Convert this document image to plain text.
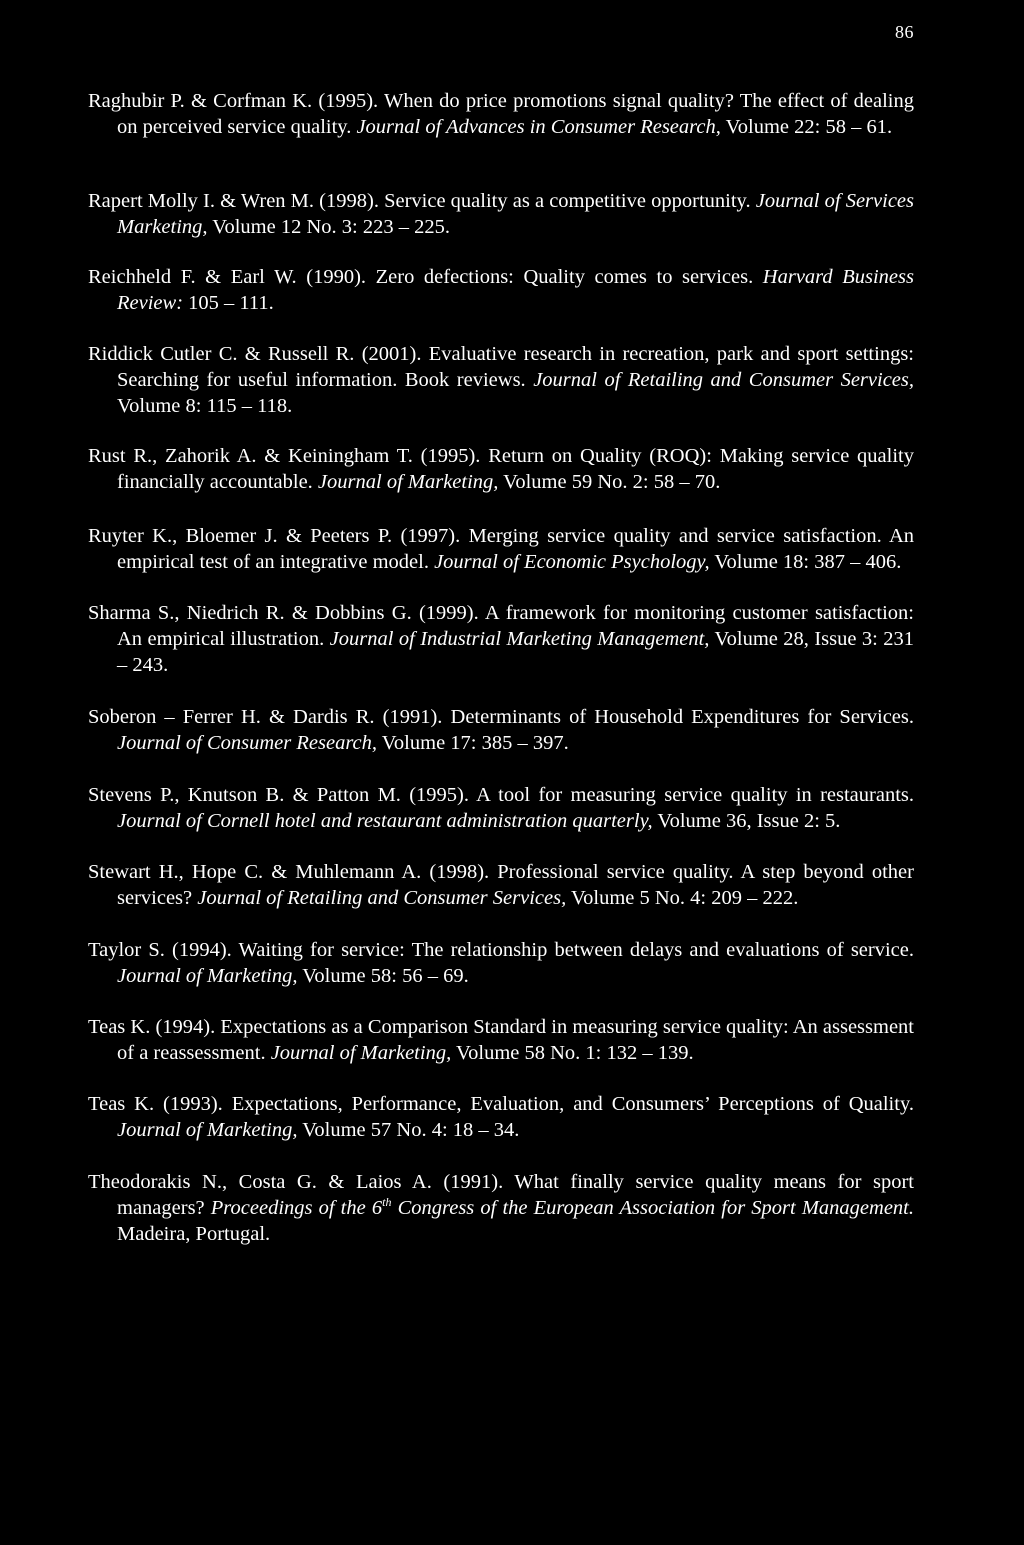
86

Raghubir P. & Corfman K. (1995). When do price promotions signal quality? The effect of dealing on perceived service quality. Journal of Advances in Consumer Research, Volume 22: 58 – 61.

Rapert Molly I. & Wren M. (1998). Service quality as a competitive opportunity. Journal of Services Marketing, Volume 12 No. 3: 223 – 225.

Reichheld F. & Earl W. (1990). Zero defections: Quality comes to services. Harvard Business Review: 105 – 111.

Riddick Cutler C. & Russell R. (2001). Evaluative research in recreation, park and sport settings: Searching for useful information. Book reviews. Journal of Retailing and Consumer Services, Volume 8: 115 – 118.

Rust R., Zahorik A. & Keiningham T. (1995). Return on Quality (ROQ): Making service quality financially accountable. Journal of Marketing, Volume 59 No. 2: 58 – 70.

Ruyter K., Bloemer J. & Peeters P. (1997). Merging service quality and service satisfaction. An empirical test of an integrative model. Journal of Economic Psychology, Volume 18: 387 – 406.

Sharma S., Niedrich R. & Dobbins G. (1999). A framework for monitoring customer satisfaction: An empirical illustration. Journal of Industrial Marketing Management, Volume 28, Issue 3: 231 – 243.

Soberon – Ferrer H. & Dardis R. (1991). Determinants of Household Expenditures for Services. Journal of Consumer Research, Volume 17: 385 – 397.

Stevens P., Knutson B. & Patton M. (1995). A tool for measuring service quality in restaurants. Journal of Cornell hotel and restaurant administration quarterly, Volume 36, Issue 2: 5.

Stewart H., Hope C. & Muhlemann A. (1998). Professional service quality. A step beyond other services? Journal of Retailing and Consumer Services, Volume 5 No. 4: 209 – 222.

Taylor S. (1994). Waiting for service: The relationship between delays and evaluations of service. Journal of Marketing, Volume 58: 56 – 69.

Teas K. (1994). Expectations as a Comparison Standard in measuring service quality: An assessment of a reassessment. Journal of Marketing, Volume 58 No. 1: 132 – 139.

Teas K. (1993). Expectations, Performance, Evaluation, and Consumers’ Perceptions of Quality. Journal of Marketing, Volume 57 No. 4: 18 – 34.

Theodorakis N., Costa G. & Laios A. (1991). What finally service quality means for sport managers? Proceedings of the 6th Congress of the European Association for Sport Management. Madeira, Portugal.
